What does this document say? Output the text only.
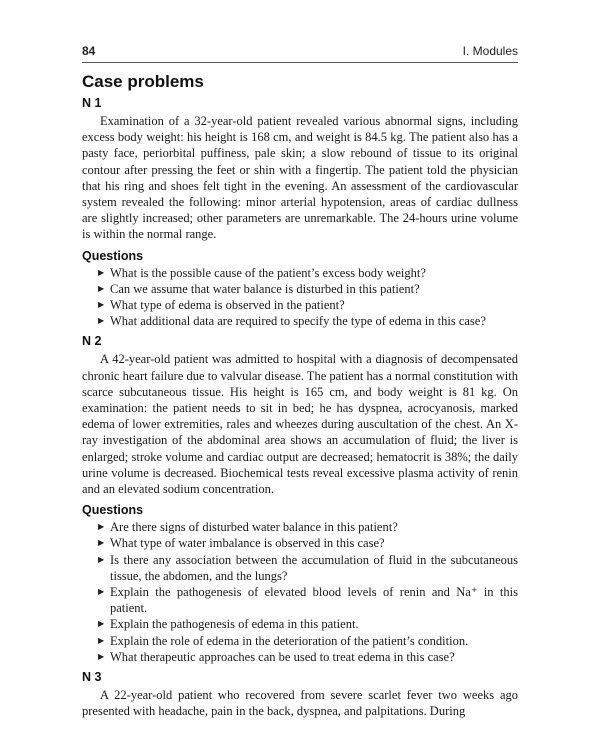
84	I. Modules
Case problems
N 1

Examination of a 32-year-old patient revealed various abnormal signs, including excess body weight: his height is 168 cm, and weight is 84.5 kg. The patient also has a pasty face, periorbital puffiness, pale skin; a slow rebound of tissue to its original contour after pressing the feet or shin with a fingertip. The patient told the physician that his ring and shoes felt tight in the evening. An assessment of the cardiovascular system revealed the following: minor arterial hypotension, areas of cardiac dullness are slightly increased; other parameters are unremarkable. The 24-hours urine volume is within the normal range.

Questions
▶ What is the possible cause of the patient’s excess body weight?
▶ Can we assume that water balance is disturbed in this patient?
▶ What type of edema is observed in the patient?
▶ What additional data are required to specify the type of edema in this case?
N 2

A 42-year-old patient was admitted to hospital with a diagnosis of decompensated chronic heart failure due to valvular disease. The patient has a normal constitution with scarce subcutaneous tissue. His height is 165 cm, and body weight is 81 kg. On examination: the patient needs to sit in bed; he has dyspnea, acrocyanosis, marked edema of lower extremities, rales and wheezes during auscultation of the chest. An X-ray investigation of the abdominal area shows an accumulation of fluid; the liver is enlarged; stroke volume and cardiac output are decreased; hematocrit is 38%; the daily urine volume is decreased. Biochemical tests reveal excessive plasma activity of renin and an elevated sodium concentration.

Questions
▶ Are there signs of disturbed water balance in this patient?
▶ What type of water imbalance is observed in this case?
▶ Is there any association between the accumulation of fluid in the subcutaneous tissue, the abdomen, and the lungs?
▶ Explain the pathogenesis of elevated blood levels of renin and Na⁺ in this patient.
▶ Explain the pathogenesis of edema in this patient.
▶ Explain the role of edema in the deterioration of the patient’s condition.
▶ What therapeutic approaches can be used to treat edema in this case?
N 3

A 22-year-old patient who recovered from severe scarlet fever two weeks ago presented with headache, pain in the back, dyspnea, and palpitations. During
